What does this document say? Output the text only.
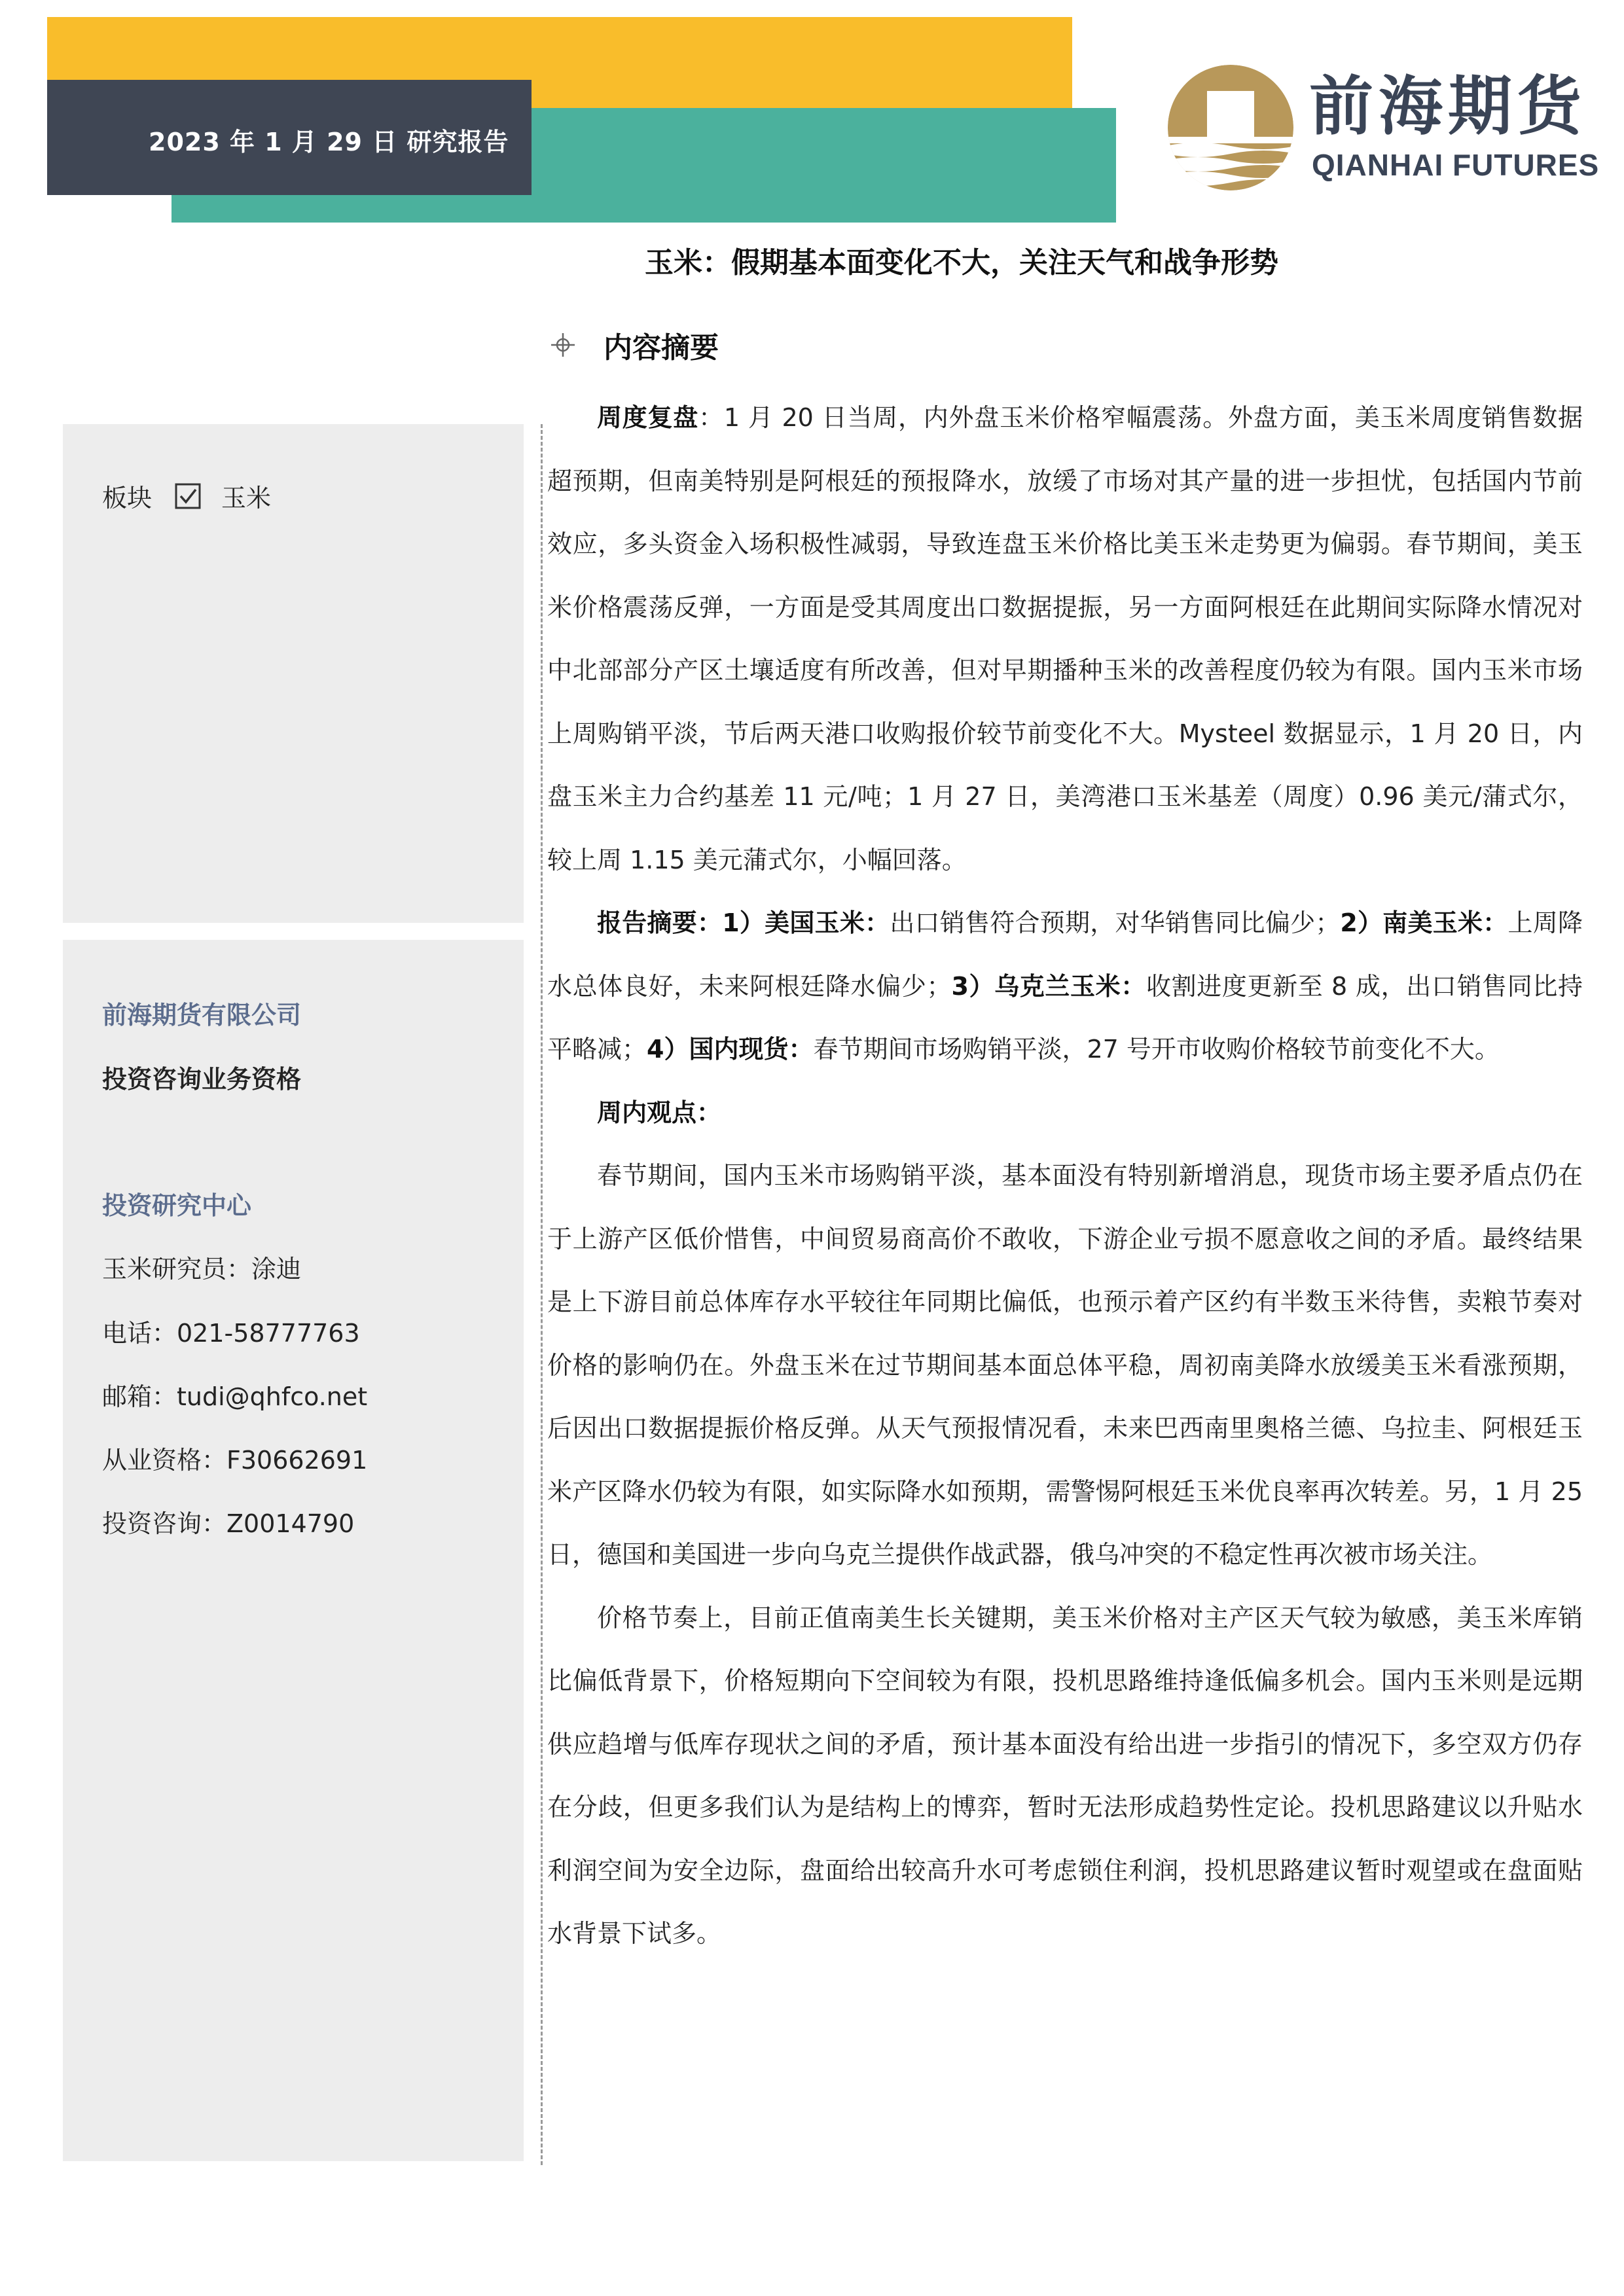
2023 年 1 月 29 日 研究报告	前海期货
QIANHAI FUTURES
玉米：假期基本面变化不大，关注天气和战争形势
内容摘要
板块	玉米
前海期货有限公司
投资咨询业务资格
投资研究中心
玉米研究员：涂迪
电话：021-58777763
邮箱：tudi@qhfco.net
从业资格：F30662691
投资咨询：Z0014790

周度复盘：1 月 20 日当周，内外盘玉米价格窄幅震荡。外盘方面，美玉米周度销售数据超预期，但南美特别是阿根廷的预报降水，放缓了市场对其产量的进一步担忧，包括国内节前效应，多头资金入场积极性减弱，导致连盘玉米价格比美玉米走势更为偏弱。春节期间，美玉米价格震荡反弹，一方面是受其周度出口数据提振，另一方面阿根廷在此期间实际降水情况对中北部部分产区土壤适度有所改善，但对早期播种玉米的改善程度仍较为有限。国内玉米市场上周购销平淡，节后两天港口收购报价较节前变化不大。Mysteel 数据显示，1 月 20 日，内盘玉米主力合约基差 11 元/吨；1 月 27 日，美湾港口玉米基差（周度）0.96 美元/蒲式尔，较上周 1.15 美元蒲式尔，小幅回落。

报告摘要：1）美国玉米：出口销售符合预期，对华销售同比偏少；2）南美玉米：上周降水总体良好，未来阿根廷降水偏少；3）乌克兰玉米：收割进度更新至 8 成，出口销售同比持平略减；4）国内现货：春节期间市场购销平淡，27 号开市收购价格较节前变化不大。

周内观点：

春节期间，国内玉米市场购销平淡，基本面没有特别新增消息，现货市场主要矛盾点仍在于上游产区低价惜售，中间贸易商高价不敢收，下游企业亏损不愿意收之间的矛盾。最终结果是上下游目前总体库存水平较往年同期比偏低，也预示着产区约有半数玉米待售，卖粮节奏对价格的影响仍在。外盘玉米在过节期间基本面总体平稳，周初南美降水放缓美玉米看涨预期，后因出口数据提振价格反弹。从天气预报情况看，未来巴西南里奥格兰德、乌拉圭、阿根廷玉米产区降水仍较为有限，如实际降水如预期，需警惕阿根廷玉米优良率再次转差。另，1 月 25 日，德国和美国进一步向乌克兰提供作战武器，俄乌冲突的不稳定性再次被市场关注。

价格节奏上，目前正值南美生长关键期，美玉米价格对主产区天气较为敏感，美玉米库销比偏低背景下，价格短期向下空间较为有限，投机思路维持逢低偏多机会。国内玉米则是远期供应趋增与低库存现状之间的矛盾，预计基本面没有给出进一步指引的情况下，多空双方仍存在分歧，但更多我们认为是结构上的博弈，暂时无法形成趋势性定论。投机思路建议以升贴水利润空间为安全边际，盘面给出较高升水可考虑锁住利润，投机思路建议暂时观望或在盘面贴水背景下试多。
